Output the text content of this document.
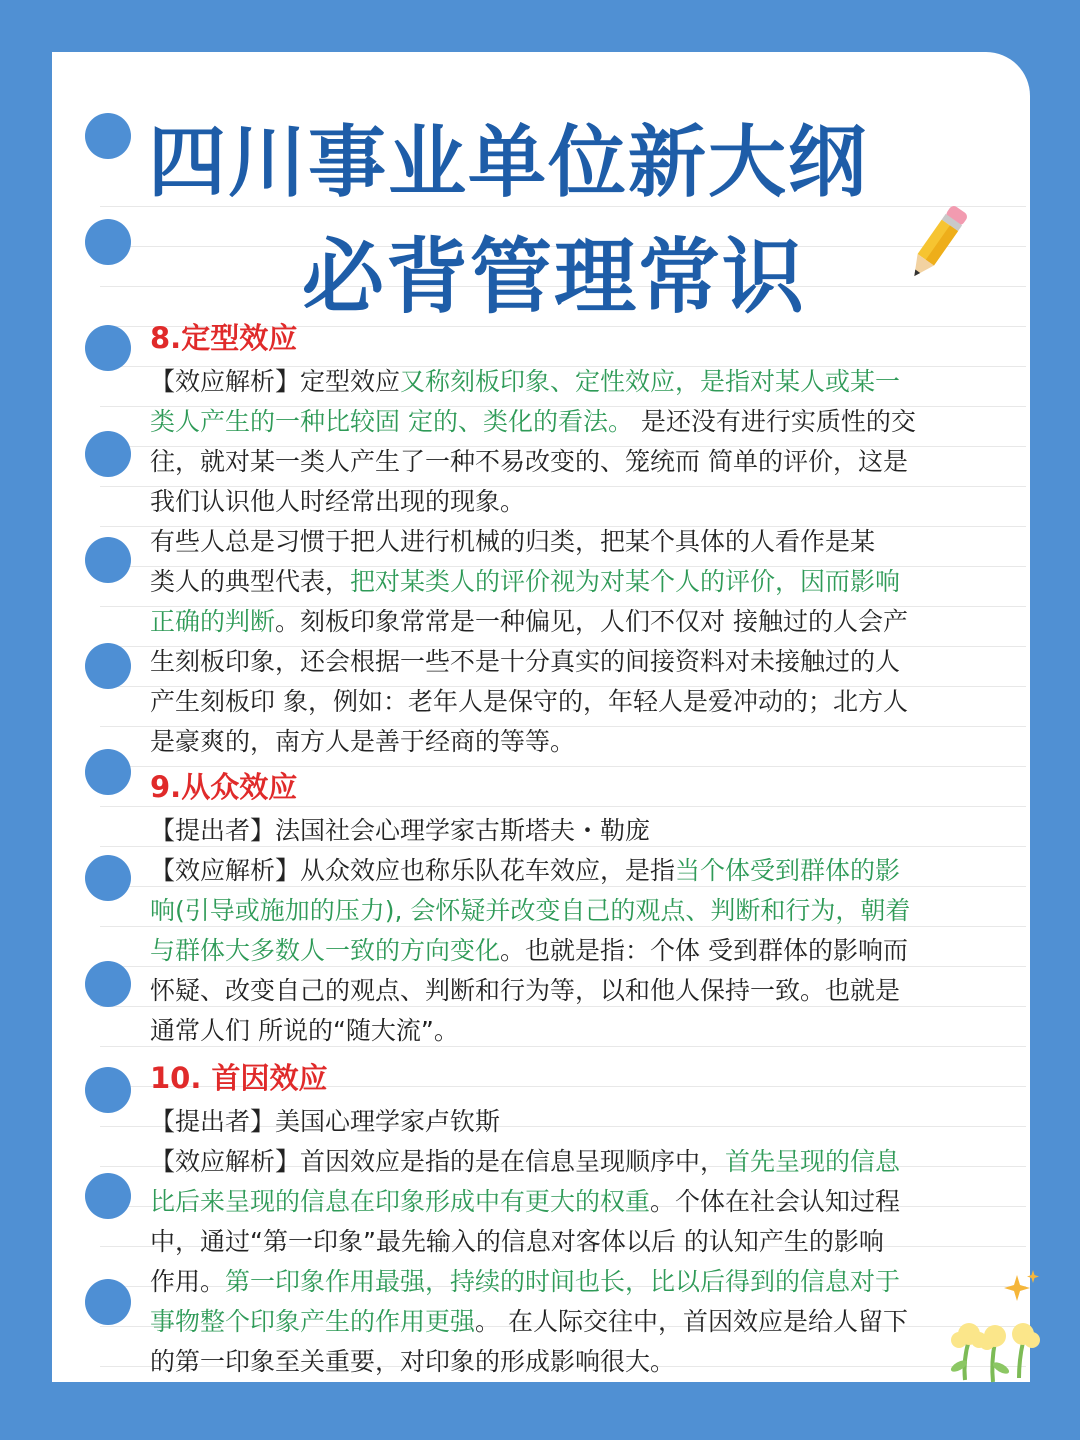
四川事业单位新大纲
必背管理常识
8.定型效应
【效应解析】定型效应又称刻板印象、定性效应，是指对某人或某一
类人产生的一种比较固 定的、类化的看法。 是还没有进行实质性的交
往，就对某一类人产生了一种不易改变的、笼统而 简单的评价，这是
我们认识他人时经常出现的现象。
有些人总是习惯于把人进行机械的归类，把某个具体的人看作是某
类人的典型代表，把对某类人的评价视为对某个人的评价，因而影响
正确的判断。刻板印象常常是一种偏见，人们不仅对 接触过的人会产
生刻板印象，还会根据一些不是十分真实的间接资料对未接触过的人
产生刻板印 象，例如：老年人是保守的，年轻人是爱冲动的；北方人
是豪爽的，南方人是善于经商的等等。
9.从众效应
【提出者】法国社会心理学家古斯塔夫・勒庞
【效应解析】从众效应也称乐队花车效应，是指当个体受到群体的影
响(引导或施加的压力), 会怀疑并改变自己的观点、判断和行为，朝着
与群体大多数人一致的方向变化。也就是指：个体 受到群体的影响而
怀疑、改变自己的观点、判断和行为等，以和他人保持一致。也就是
通常人们 所说的“随大流”。
10. 首因效应
【提出者】美国心理学家卢钦斯
【效应解析】首因效应是指的是在信息呈现顺序中，首先呈现的信息
比后来呈现的信息在印象形成中有更大的权重。个体在社会认知过程
中，通过“第一印象”最先输入的信息对客体以后 的认知产生的影响
作用。第一印象作用最强，持续的时间也长，比以后得到的信息对于
事物整个印象产生的作用更强。 在人际交往中，首因效应是给人留下
的第一印象至关重要，对印象的形成影响很大。
